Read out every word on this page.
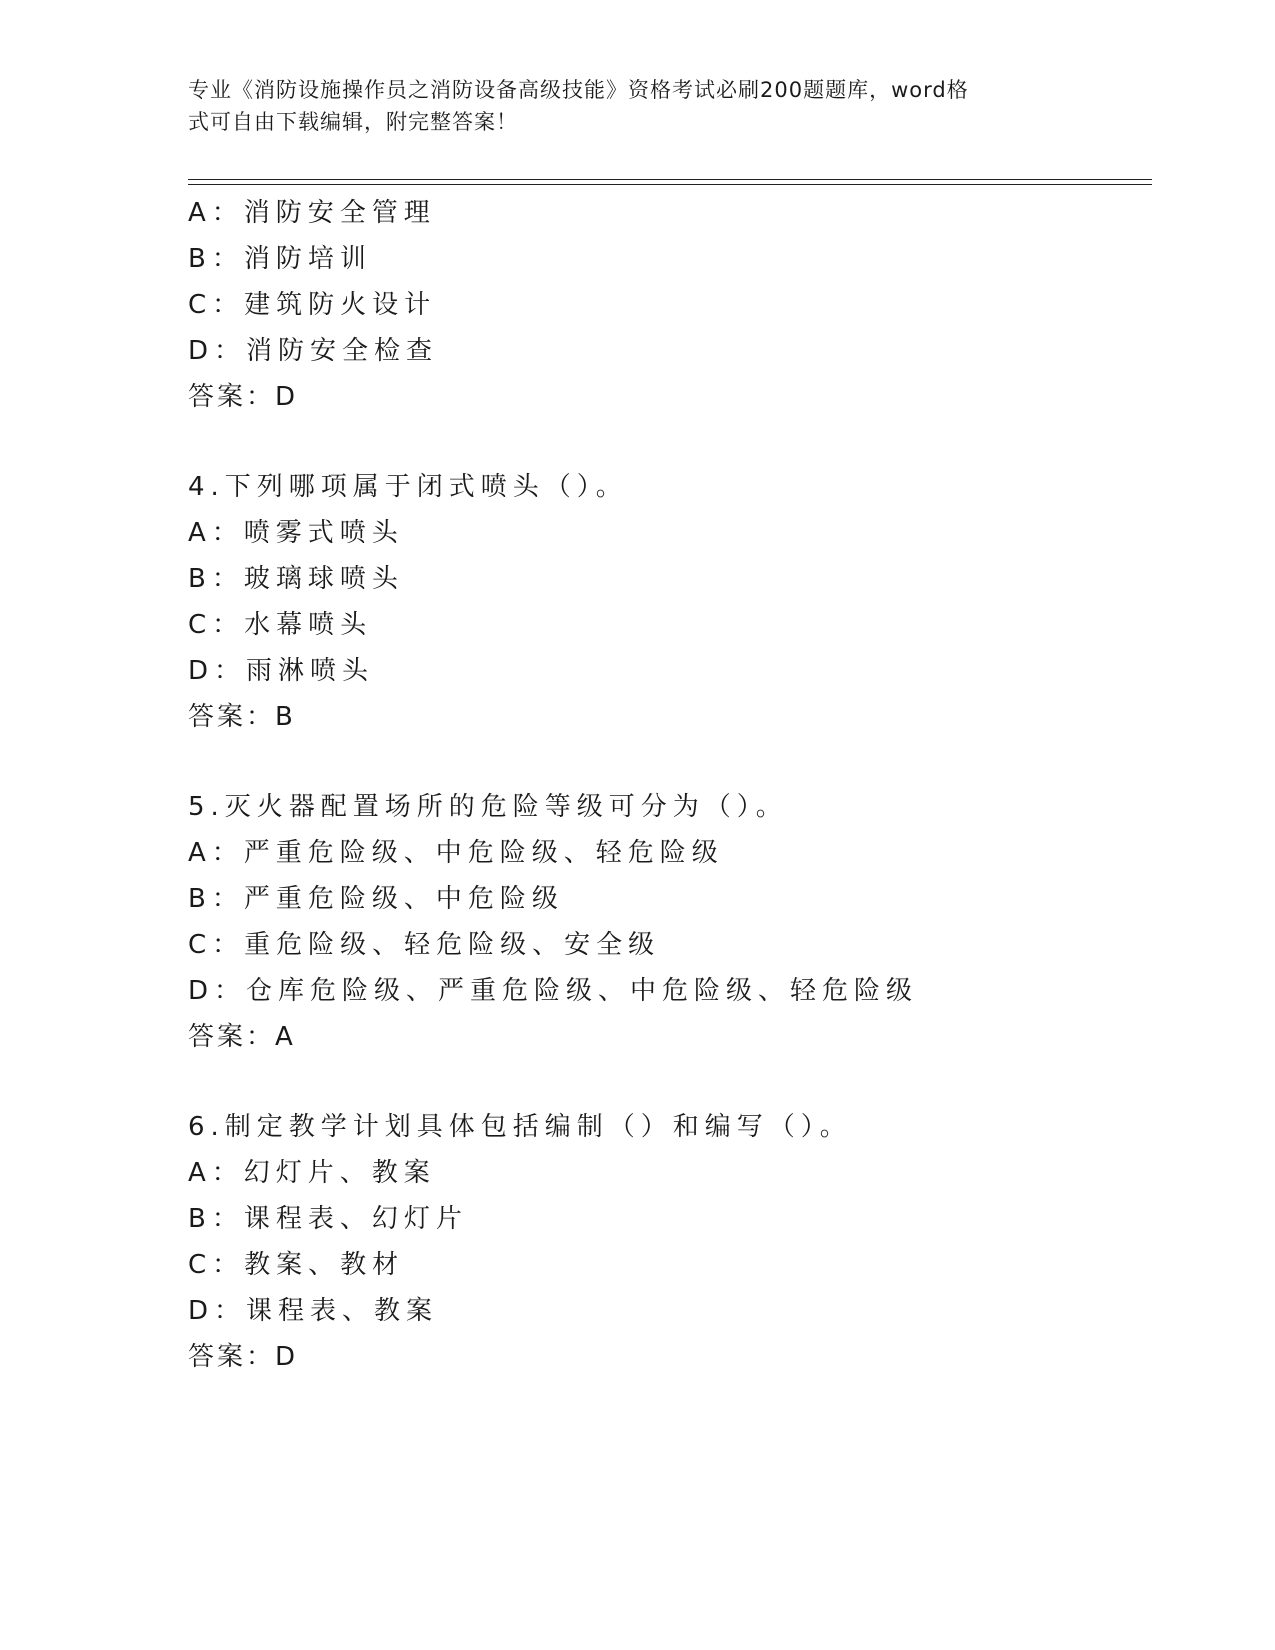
专业《消防设施操作员之消防设备高级技能》资格考试必刷200题题库，word格
式可自由下载编辑，附完整答案！
A：消防安全管理
B：消防培训
C：建筑防火设计
D：消防安全检查
答案：D
4.下列哪项属于闭式喷头（）。
A：喷雾式喷头
B：玻璃球喷头
C：水幕喷头
D：雨淋喷头
答案：B
5.灭火器配置场所的危险等级可分为（）。
A：严重危险级、中危险级、轻危险级
B：严重危险级、中危险级
C：重危险级、轻危险级、安全级
D：仓库危险级、严重危险级、中危险级、轻危险级
答案：A
6.制定教学计划具体包括编制（）和编写（）。
A：幻灯片、教案
B：课程表、幻灯片
C：教案、教材
D：课程表、教案
答案：D
